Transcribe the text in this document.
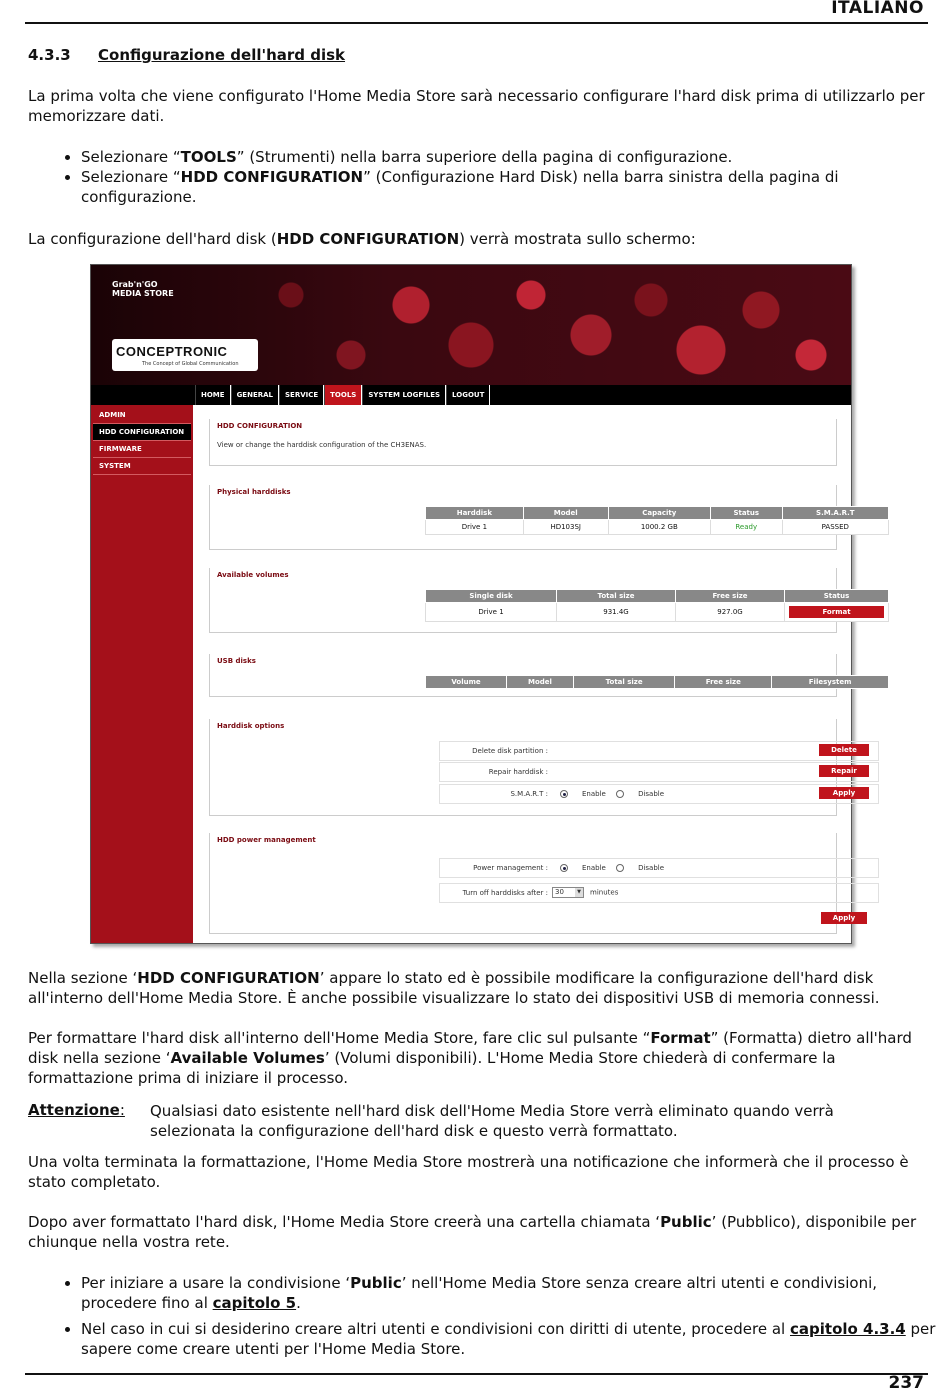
ITALIANO
4.3.3 Configurazione dell'hard disk
La prima volta che viene configurato l'Home Media Store sarà necessario configurare l'hard disk prima di utilizzarlo per memorizzare dati.
• Selezionare “TOOLS” (Strumenti) nella barra superiore della pagina di configurazione.
• Selezionare “HDD CONFIGURATION” (Configurazione Hard Disk) nella barra sinistra della pagina di configurazione.
La configurazione dell'hard disk (HDD CONFIGURATION) verrà mostrata sullo schermo:
Grab'n'GO
MEDIA STORE
CONCEPTRONIC
The Concept of Global Communication
HOME	GENERAL	SERVICE	TOOLS	SYSTEM LOGFILES	LOGOUT
ADMIN
HDD CONFIGURATION
FIRMWARE
SYSTEM
HDD CONFIGURATION
View or change the harddisk configuration of the CH3ENAS.
Physical harddisks
Harddisk	Model	Capacity	Status	S.M.A.R.T
Drive 1	HD103SJ	1000.2 GB	Ready	PASSED
Available volumes
Single disk	Total size	Free size	Status
Drive 1	931.4G	927.0G	Format
USB disks
Volume	Model	Total size	Free size	Filesystem
Harddisk options
Delete disk partition :	Delete
Repair harddisk :	Repair
S.M.A.R.T :	Enable	Disable	Apply
HDD power management
Power management :	Enable	Disable
Turn off harddisks after :	30	▼ minutes
Apply
Nella sezione ‘HDD CONFIGURATION’ appare lo stato ed è possibile modificare la configurazione dell'hard disk all'interno dell'Home Media Store. È anche possibile visualizzare lo stato dei dispositivi USB di memoria connessi.
Per formattare l'hard disk all'interno dell'Home Media Store, fare clic sul pulsante “Format” (Formatta) dietro all'hard disk nella sezione ‘Available Volumes’ (Volumi disponibili). L'Home Media Store chiederà di confermare la formattazione prima di iniziare il processo.
Attenzione: Qualsiasi dato esistente nell'hard disk dell'Home Media Store verrà eliminato quando verrà selezionata la configurazione dell'hard disk e questo verrà formattato.
Una volta terminata la formattazione, l'Home Media Store mostrerà una notificazione che informerà che il processo è stato completato.
Dopo aver formattato l'hard disk, l'Home Media Store creerà una cartella chiamata ‘Public’ (Pubblico), disponibile per chiunque nella vostra rete.
• Per iniziare a usare la condivisione ‘Public’ nell'Home Media Store senza creare altri utenti e condivisioni, procedere fino al capitolo 5.
• Nel caso in cui si desiderino creare altri utenti e condivisioni con diritti di utente, procedere al capitolo 4.3.4 per sapere come creare utenti per l'Home Media Store.
237
